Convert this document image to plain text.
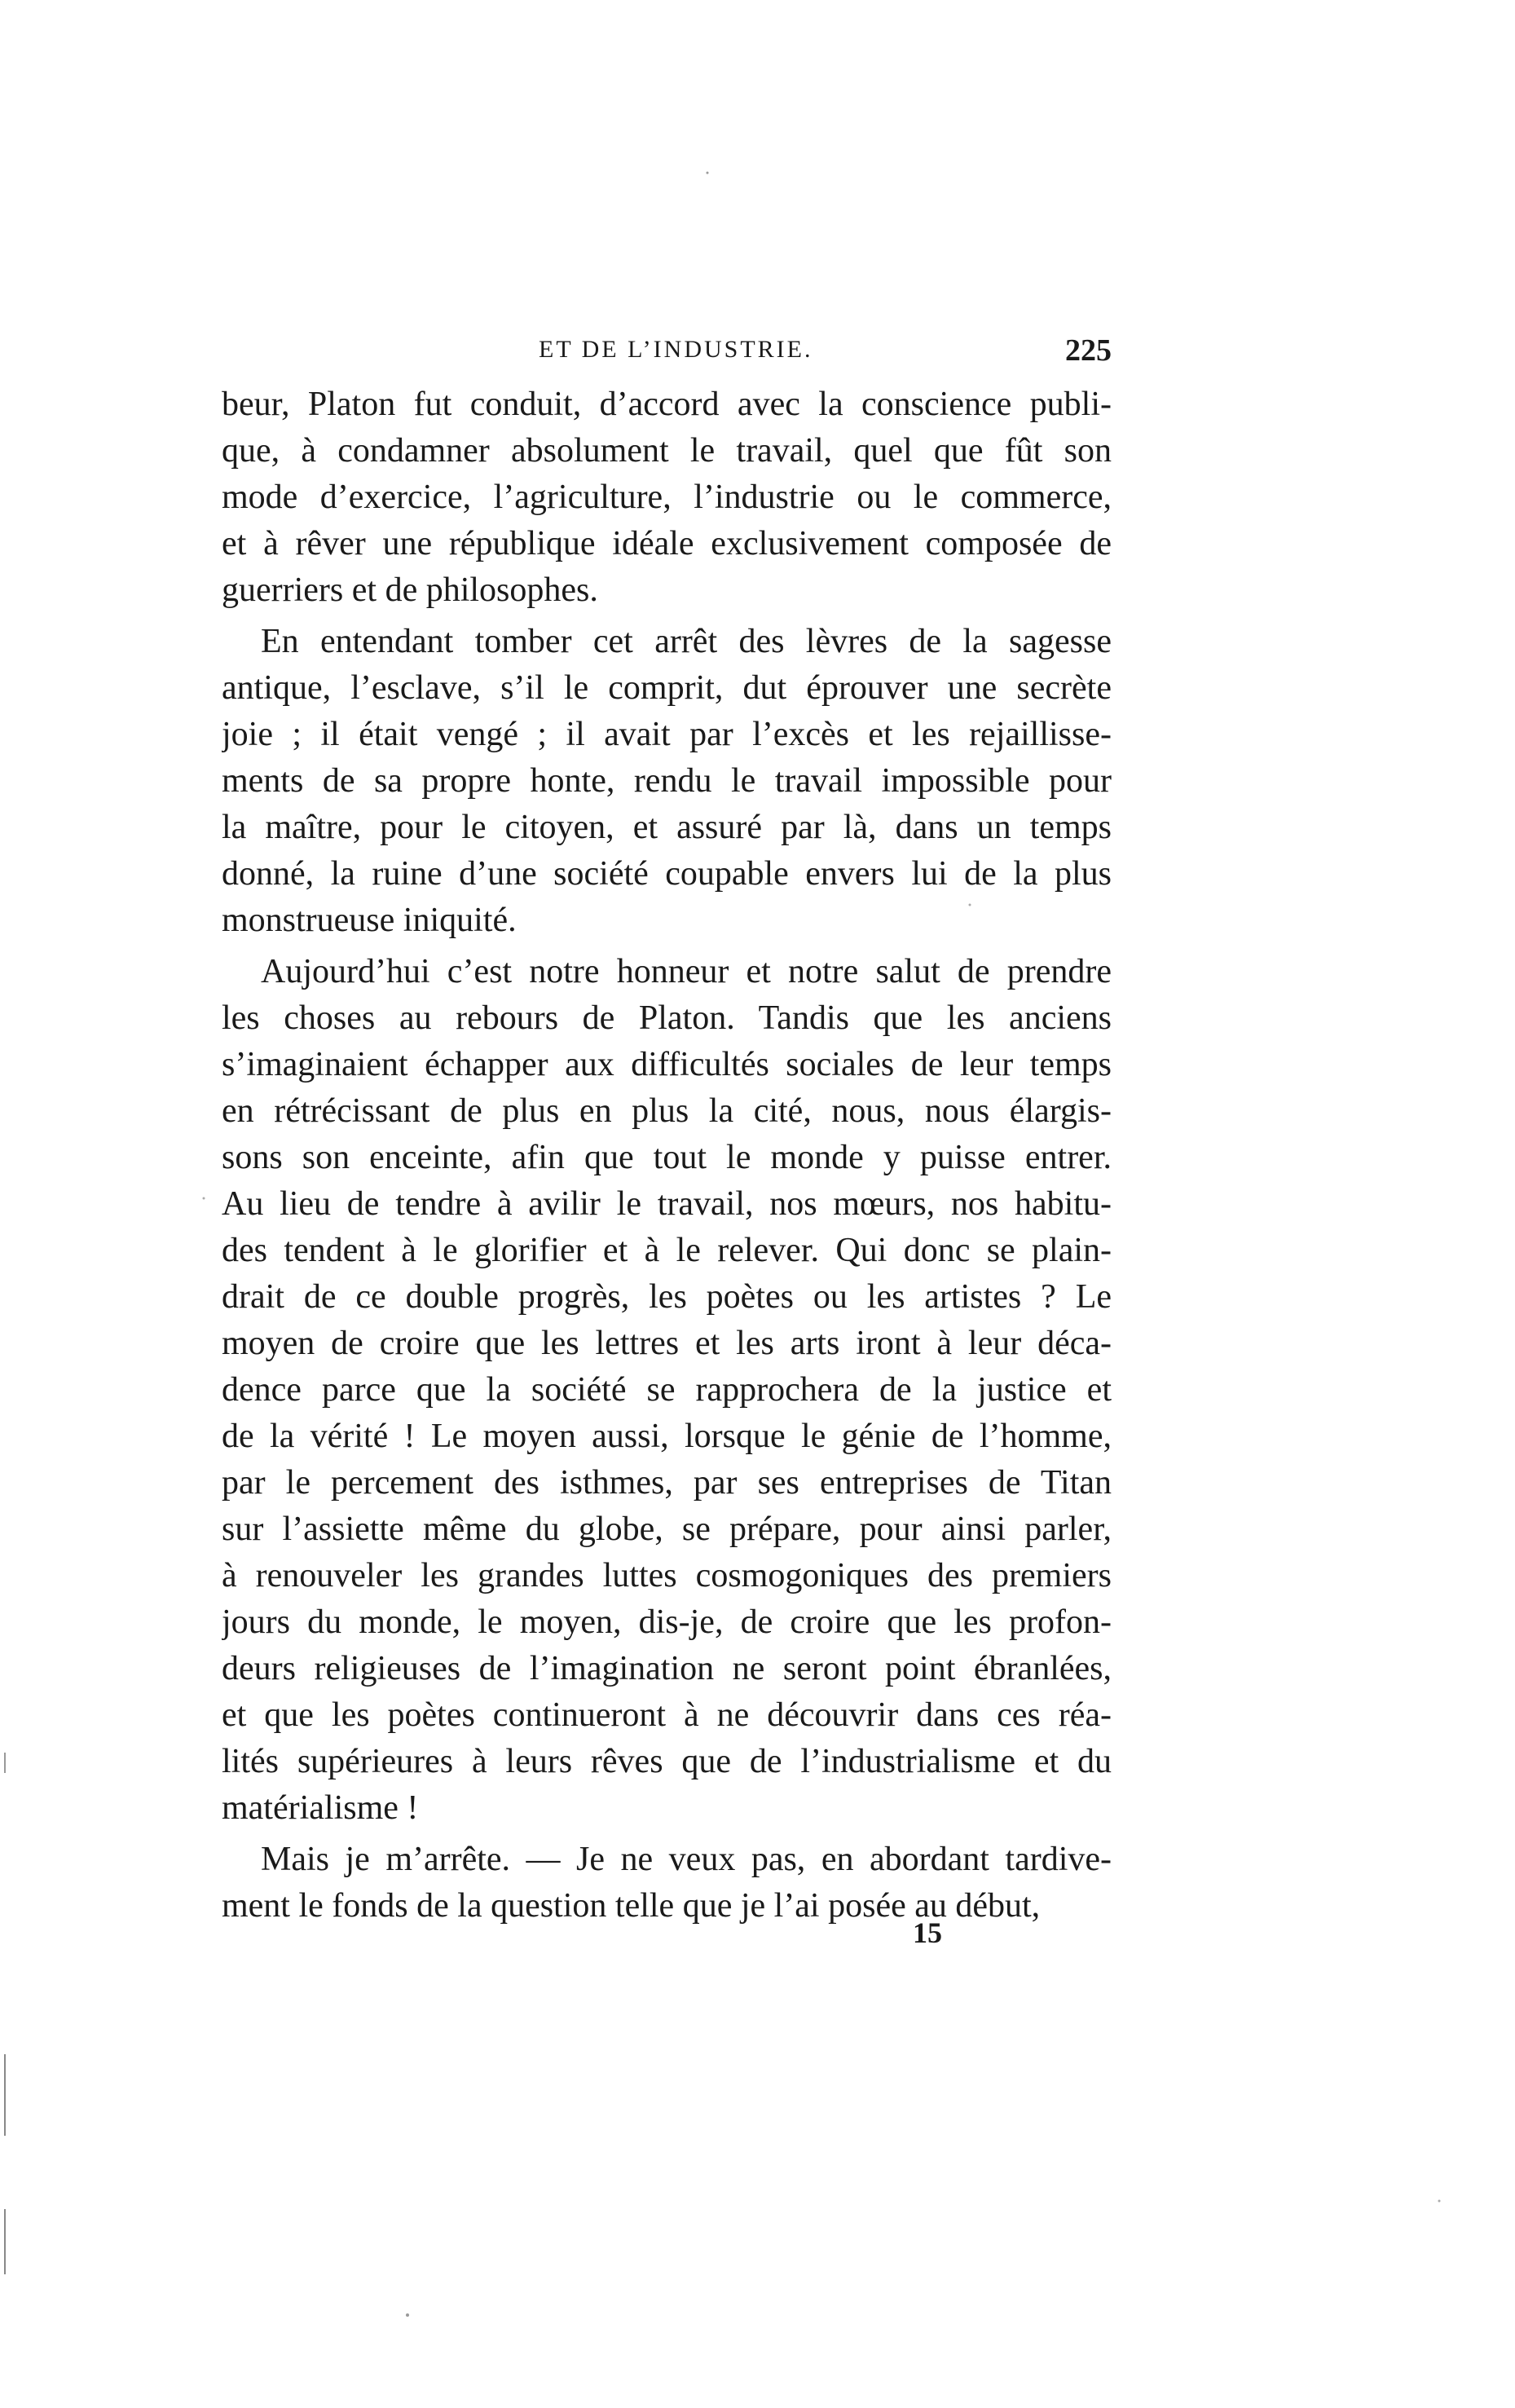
ET DE L’INDUSTRIE.	225
beur, Platon fut conduit, d’accord avec la conscience publi-
que, à condamner absolument le travail, quel que fût son
mode d’exercice, l’agriculture, l’industrie ou le commerce,
et à rêver une république idéale exclusivement composée de
guerriers et de philosophes.
En entendant tomber cet arrêt des lèvres de la sagesse
antique, l’esclave, s’il le comprit, dut éprouver une secrète
joie ; il était vengé ; il avait par l’excès et les rejaillisse-
ments de sa propre honte, rendu le travail impossible pour
la maître, pour le citoyen, et assuré par là, dans un temps
donné, la ruine d’une société coupable envers lui de la plus
monstrueuse iniquité.
Aujourd’hui c’est notre honneur et notre salut de prendre
les choses au rebours de Platon. Tandis que les anciens
s’imaginaient échapper aux difficultés sociales de leur temps
en rétrécissant de plus en plus la cité, nous, nous élargis-
sons son enceinte, afin que tout le monde y puisse entrer.
Au lieu de tendre à avilir le travail, nos mœurs, nos habitu-
des tendent à le glorifier et à le relever. Qui donc se plain-
drait de ce double progrès, les poètes ou les artistes ? Le
moyen de croire que les lettres et les arts iront à leur déca-
dence parce que la société se rapprochera de la justice et
de la vérité ! Le moyen aussi, lorsque le génie de l’homme,
par le percement des isthmes, par ses entreprises de Titan
sur l’assiette même du globe, se prépare, pour ainsi parler,
à renouveler les grandes luttes cosmogoniques des premiers
jours du monde, le moyen, dis-je, de croire que les profon-
deurs religieuses de l’imagination ne seront point ébranlées,
et que les poètes continueront à ne découvrir dans ces réa-
lités supérieures à leurs rêves que de l’industrialisme et du
matérialisme !
Mais je m’arrête. — Je ne veux pas, en abordant tardive-
ment le fonds de la question telle que je l’ai posée au début,
15
